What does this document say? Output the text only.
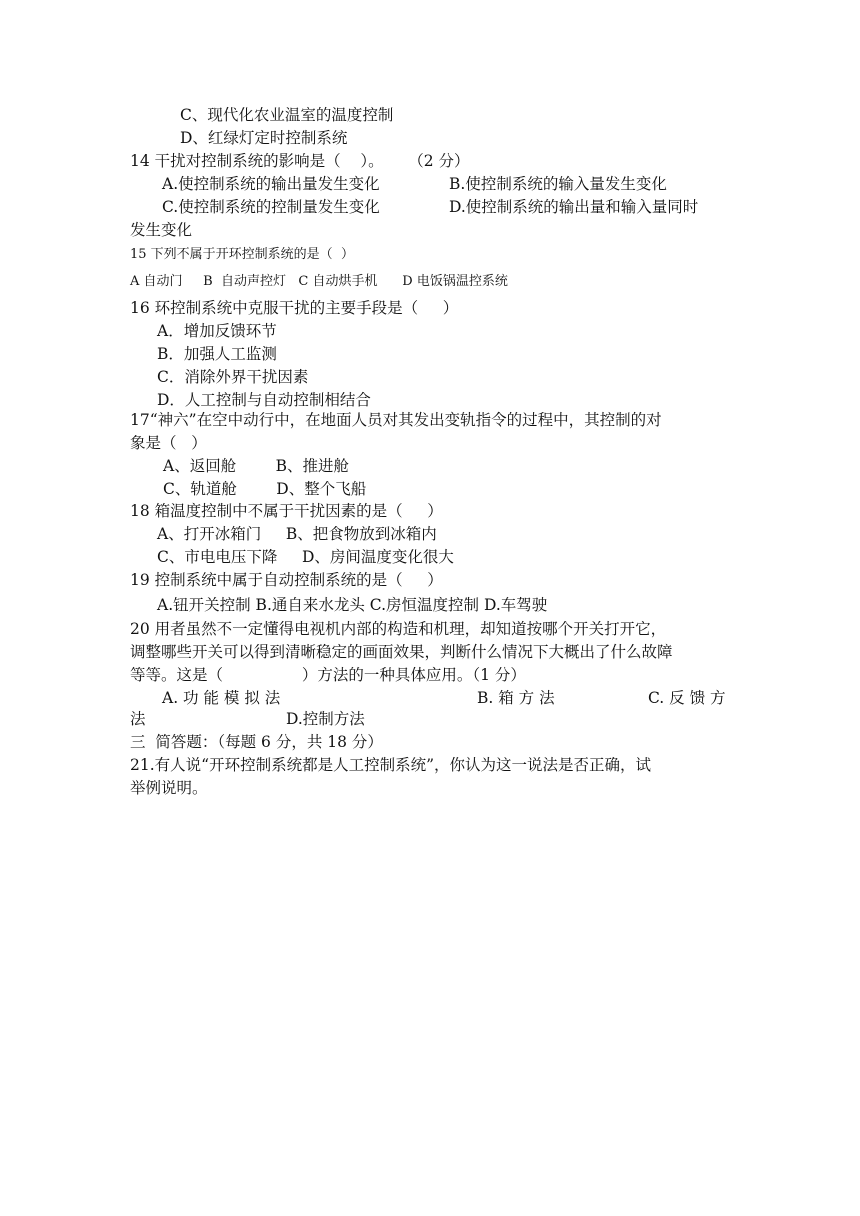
C、现代化农业温室的温度控制
D、红绿灯定时控制系统
14 干扰对控制系统的影响是（    ）。     （2 分）
A.使控制系统的输出量发生变化	B.使控制系统的输入量发生变化
C.使控制系统的控制量发生变化	D.使控制系统的输出量和输入量同时
发生变化
15 下列不属于开环控制系统的是（  ）
A 自动门     B  自动声控灯   C 自动烘手机      D 电饭锅温控系统
16 环控制系统中克服干扰的主要手段是（     ）
A．增加反馈环节
B．加强人工监测
C．消除外界干扰因素
D．人工控制与自动控制相结合
17“神六”在空中动行中，在地面人员对其发出变轨指令的过程中，其控制的对
象是（   ）
A、返回舱        B、推进舱
C、轨道舱        D、整个飞船
18 箱温度控制中不属于干扰因素的是（     ）
A、打开冰箱门     B、把食物放到冰箱内
C、市电电压下降     D、房间温度变化很大
19 控制系统中属于自动控制系统的是（     ）
A.钮开关控制 B.通自来水龙头 C.房恒温度控制 D.车驾驶
20 用者虽然不一定懂得电视机内部的构造和机理，却知道按哪个开关打开它，
调整哪些开关可以得到清晰稳定的画面效果，判断什么情况下大概出了什么故障
等等。这是（                ）方法的一种具体应用。（1 分）
A. 功 能 模 拟 法	B. 箱 方 法	C. 反 馈 方
法	D.控制方法
三  简答题：（每题 6 分，共 18 分）
21.有人说“开环控制系统都是人工控制系统”，你认为这一说法是否正确，试
举例说明。
